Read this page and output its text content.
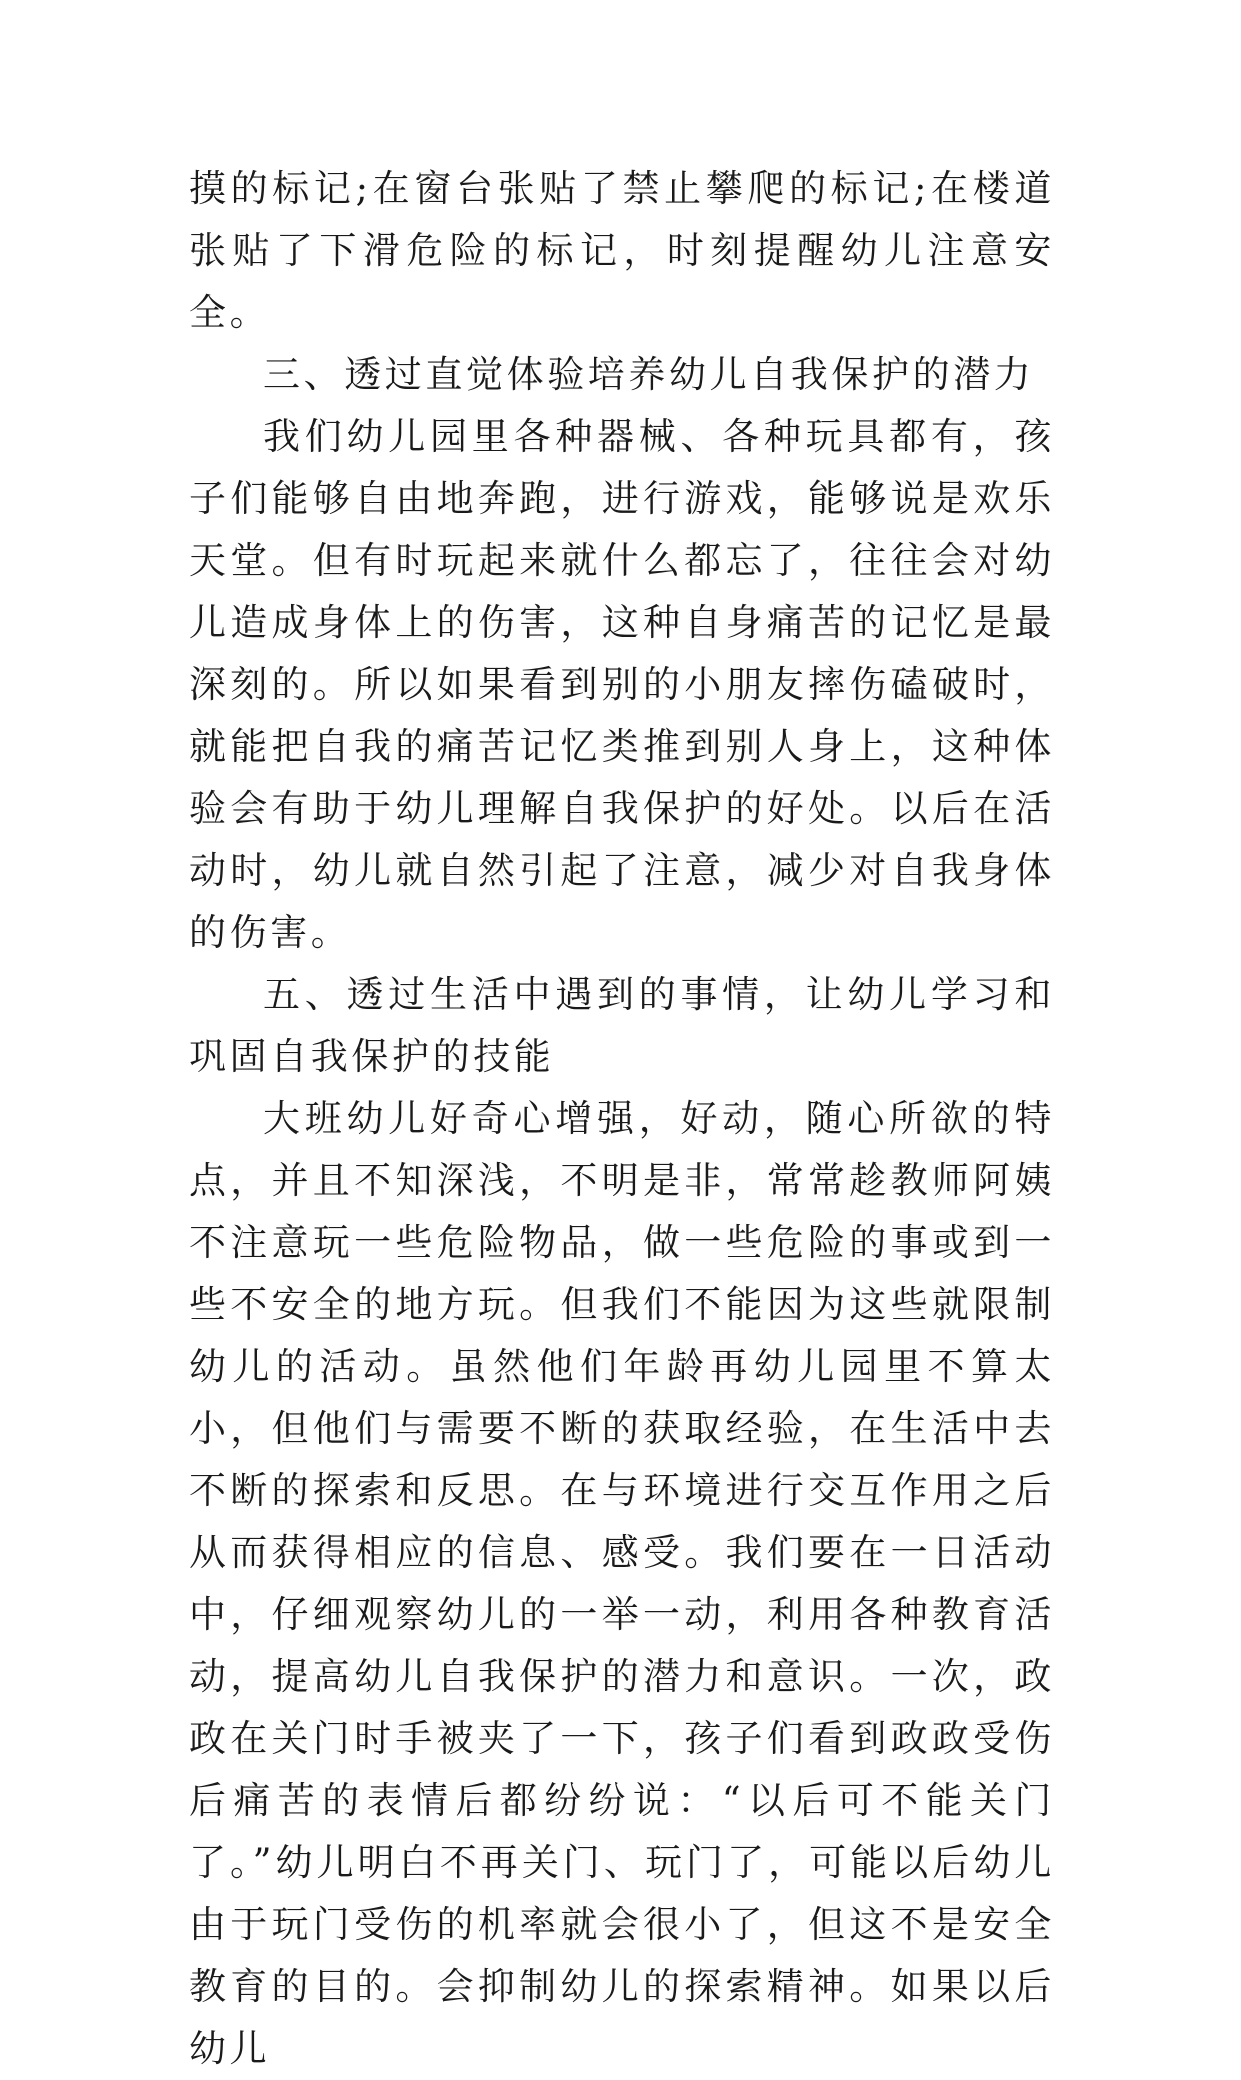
摸的标记;在窗台张贴了禁止攀爬的标记;在楼道张贴了下滑危险的标记，时刻提醒幼儿注意安全。

三、透过直觉体验培养幼儿自我保护的潜力

我们幼儿园里各种器械、各种玩具都有，孩子们能够自由地奔跑，进行游戏，能够说是欢乐天堂。但有时玩起来就什么都忘了，往往会对幼儿造成身体上的伤害，这种自身痛苦的记忆是最深刻的。所以如果看到别的小朋友摔伤磕破时，就能把自我的痛苦记忆类推到别人身上，这种体验会有助于幼儿理解自我保护的好处。以后在活动时，幼儿就自然引起了注意，减少对自我身体的伤害。

五、透过生活中遇到的事情，让幼儿学习和巩固自我保护的技能

大班幼儿好奇心增强，好动，随心所欲的特点，并且不知深浅，不明是非，常常趁教师阿姨不注意玩一些危险物品，做一些危险的事或到一些不安全的地方玩。但我们不能因为这些就限制幼儿的活动。虽然他们年龄再幼儿园里不算太小，但他们与需要不断的获取经验，在生活中去不断的探索和反思。在与环境进行交互作用之后从而获得相应的信息、感受。我们要在一日活动中，仔细观察幼儿的一举一动，利用各种教育活动，提高幼儿自我保护的潜力和意识。一次，政政在关门时手被夹了一下，孩子们看到政政受伤后痛苦的表情后都纷纷说：“以后可不能关门了。”幼儿明白不再关门、玩门了，可能以后幼儿由于玩门受伤的机率就会很小了，但这不是安全教育的目的。会抑制幼儿的探索精神。如果以后幼儿
